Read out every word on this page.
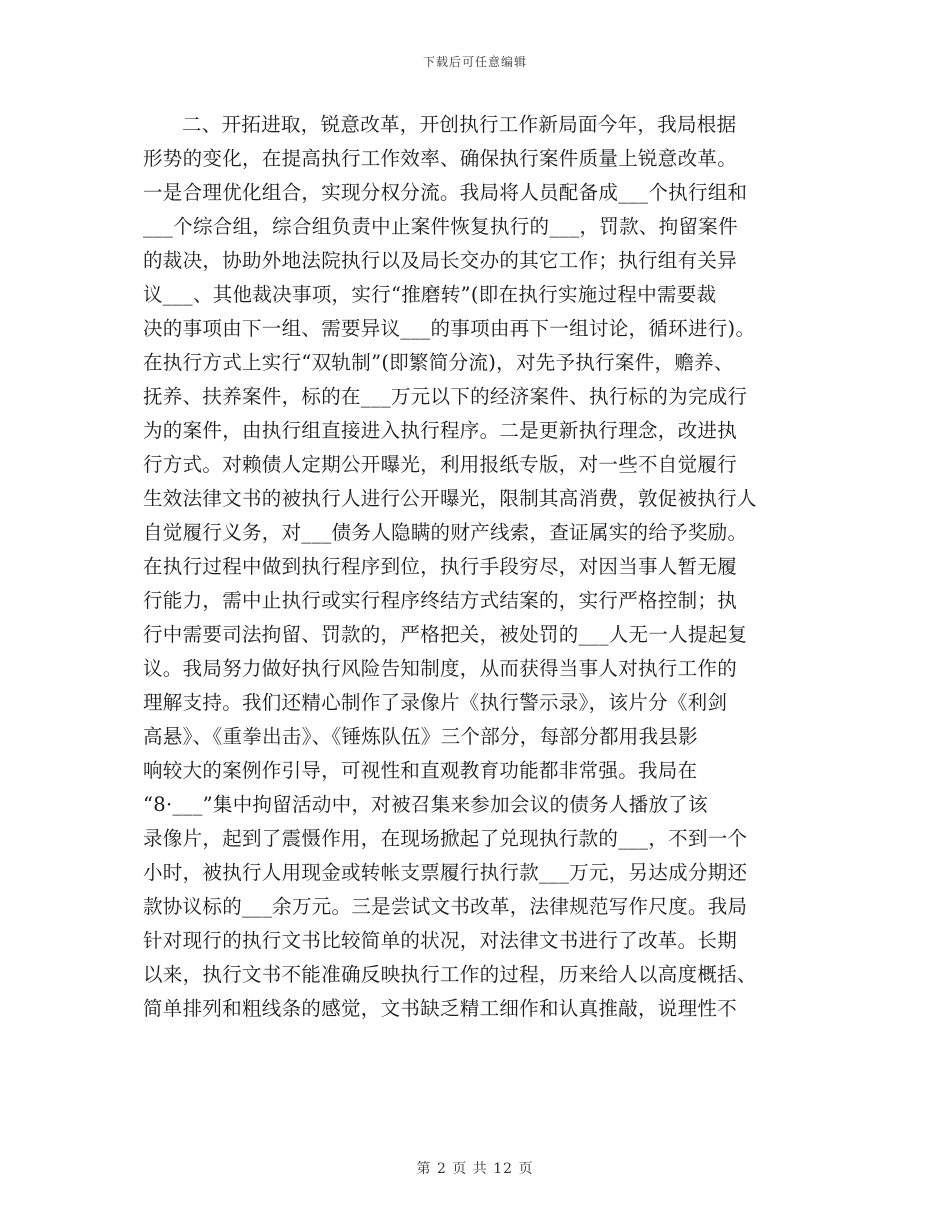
下载后可任意编辑
二、开拓进取，锐意改革，开创执行工作新局面今年，我局根据
形势的变化，在提高执行工作效率、确保执行案件质量上锐意改革。
一是合理优化组合，实现分权分流。我局将人员配备成___个执行组和
___个综合组，综合组负责中止案件恢复执行的___，罚款、拘留案件
的裁决，协助外地法院执行以及局长交办的其它工作；执行组有关异
议___、其他裁决事项，实行“推磨转”(即在执行实施过程中需要裁
决的事项由下一组、需要异议___的事项由再下一组讨论，循环进行)。
在执行方式上实行“双轨制”(即繁简分流)，对先予执行案件，赡养、
抚养、扶养案件，标的在___万元以下的经济案件、执行标的为完成行
为的案件，由执行组直接进入执行程序。二是更新执行理念，改进执
行方式。对赖债人定期公开曝光，利用报纸专版，对一些不自觉履行
生效法律文书的被执行人进行公开曝光，限制其高消费，敦促被执行人
自觉履行义务，对___债务人隐瞒的财产线索，查证属实的给予奖励。
在执行过程中做到执行程序到位，执行手段穷尽，对因当事人暂无履
行能力，需中止执行或实行程序终结方式结案的，实行严格控制；执
行中需要司法拘留、罚款的，严格把关，被处罚的___人无一人提起复
议。我局努力做好执行风险告知制度，从而获得当事人对执行工作的
理解支持。我们还精心制作了录像片《执行警示录》，该片分《利剑
高悬》、《重拳出击》、《锤炼队伍》三个部分，每部分都用我县影
响较大的案例作引导，可视性和直观教育功能都非常强。我局在
“8·___”集中拘留活动中，对被召集来参加会议的债务人播放了该
录像片，起到了震慑作用，在现场掀起了兑现执行款的___，不到一个
小时，被执行人用现金或转帐支票履行执行款___万元，另达成分期还
款协议标的___余万元。三是尝试文书改革，法律规范写作尺度。我局
针对现行的执行文书比较简单的状况，对法律文书进行了改革。长期
以来，执行文书不能准确反映执行工作的过程，历来给人以高度概括、
简单排列和粗线条的感觉，文书缺乏精工细作和认真推敲，说理性不
第 2 页 共 12 页
